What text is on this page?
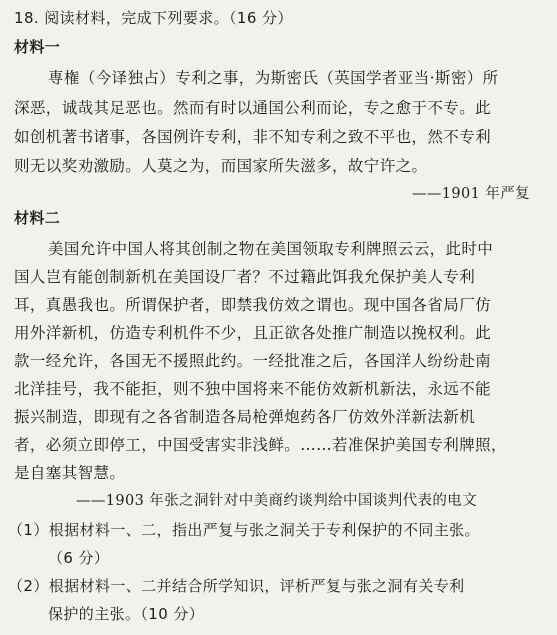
18. 阅读材料，完成下列要求。（16 分）
材料一
専権（今译独占）专利之事，为斯密氏（英国学者亚当·斯密）所
深恶，诚哉其足恶也。然而有时以通国公利而论，专之愈于不专。此
如创机著书诸事，各国例许专利，非不知专利之致不平也，然不专利
则无以奖劝激励。人莫之为，而国家所失滋多，故宁许之。
——1901 年严复
材料二
美国允许中国人将其创制之物在美国领取专利牌照云云，此时中
国人岂有能创制新机在美国设厂者？不过籍此饵我允保护美人专利
耳，真愚我也。所谓保护者，即禁我仿效之谓也。现中国各省局厂仿
用外洋新机，仿造专利机件不少，且正欲各处推广制造以挽权利。此
款一经允许，各国无不援照此约。一经批准之后，各国洋人纷纷赴南
北洋挂号，我不能拒，则不独中国将来不能仿效新机新法，永远不能
振兴制造，即现有之各省制造各局枪弹炮药各厂仿效外洋新法新机
者，必须立即停工，中国受害实非浅鲜。……若准保护美国专利牌照，
是自塞其智慧。
——1903 年张之洞针对中美商约谈判给中国谈判代表的电文
（1）根据材料一、二，指出严复与张之洞关于专利保护的不同主张。
（6 分）
（2）根据材料一、二并结合所学知识，评析严复与张之洞有关专利
保护的主张。（10 分）
